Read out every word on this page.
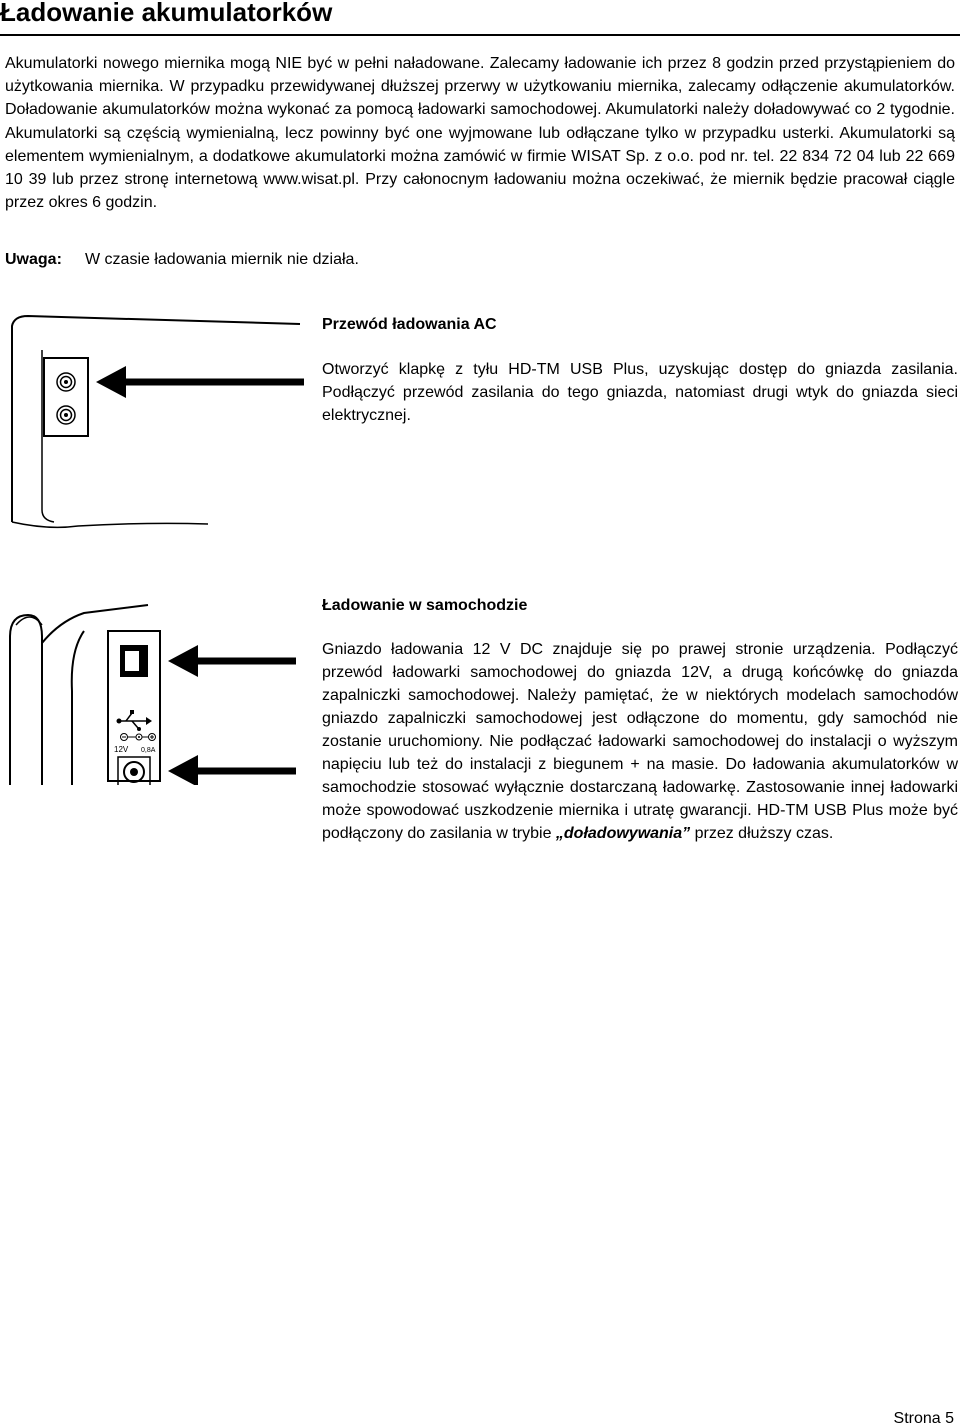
Ładowanie akumulatorków

Akumulatorki nowego miernika mogą NIE być w pełni naładowane. Zalecamy ładowanie ich przez 8 godzin przed przystąpieniem do użytkowania miernika. W przypadku przewidywanej dłuższej przerwy w użytkowaniu miernika, zalecamy odłączenie akumulatorków. Doładowanie akumulatorków można wykonać za pomocą ładowarki samochodowej. Akumulatorki należy doładowywać co 2 tygodnie. Akumulatorki są częścią wymienialną, lecz powinny być one wyjmowane lub odłączane tylko w przypadku usterki. Akumulatorki są elementem wymienialnym, a dodatkowe akumulatorki można zamówić w firmie WISAT Sp. z o.o. pod nr. tel. 22 834 72 04 lub 22 669 10 39 lub przez stronę internetową www.wisat.pl. Przy całonocnym ładowaniu można oczekiwać, że miernik będzie pracował ciągle przez okres 6 godzin.

Uwaga: W czasie ładowania miernik nie działa.
Przewód ładowania AC

Otworzyć klapkę z tyłu HD-TM USB Plus, uzyskując dostęp do gniazda zasilania. Podłączyć przewód zasilania do tego gniazda, natomiast drugi wtyk do gniazda sieci elektrycznej.

12V 0,8A
Ładowanie w samochodzie

Gniazdo ładowania 12 V DC znajduje się po prawej stronie urządzenia. Podłączyć przewód ładowarki samochodowej do gniazda 12V, a drugą końcówkę do gniazda zapalniczki samochodowej. Należy pamiętać, że w niektórych modelach samochodów gniazdo zapalniczki samochodowej jest odłączone do momentu, gdy samochód nie zostanie uruchomiony. Nie podłączać ładowarki samochodowej do instalacji o wyższym napięciu lub też do instalacji z biegunem + na masie. Do ładowania akumulatorków w samochodzie stosować wyłącznie dostarczaną ładowarkę. Zastosowanie innej ładowarki może spowodować uszkodzenie miernika i utratę gwarancji. HD-TM USB Plus może być podłączony do zasilania w trybie „doładowywania” przez dłuższy czas.

Strona 5
